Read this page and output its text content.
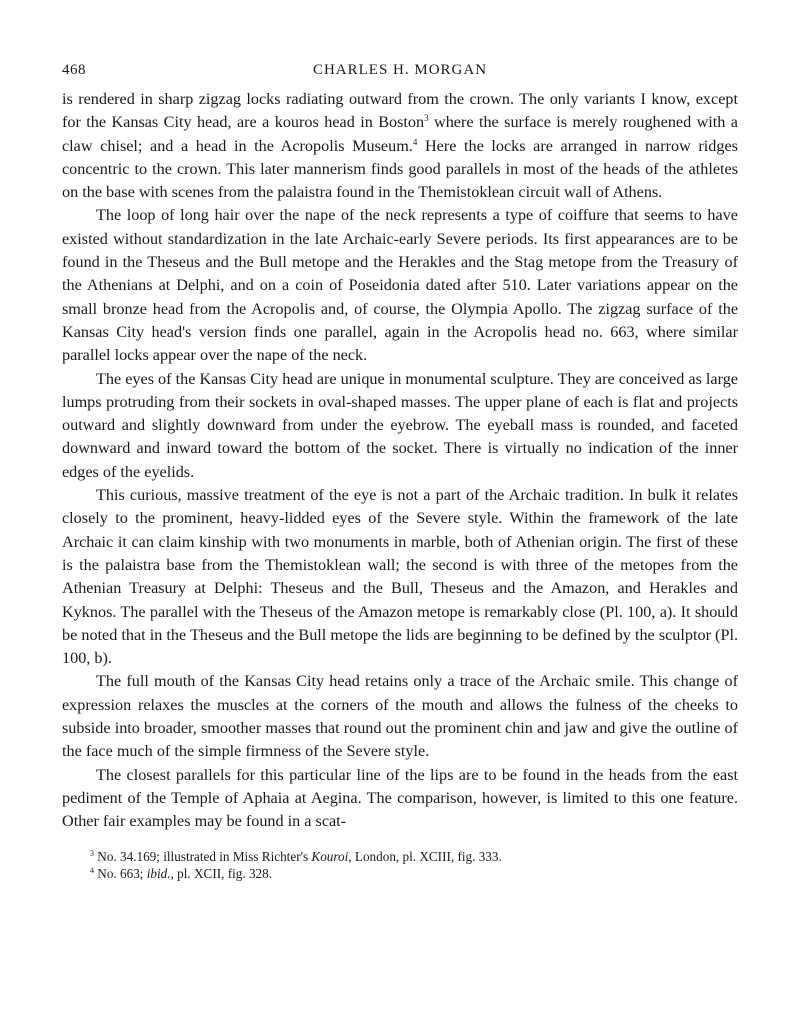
468	CHARLES H. MORGAN

is rendered in sharp zigzag locks radiating outward from the crown. The only variants I know, except for the Kansas City head, are a kouros head in Boston$^3$ where the surface is merely roughened with a claw chisel; and a head in the Acropolis Museum.$^4$ Here the locks are arranged in narrow ridges concentric to the crown. This later mannerism finds good parallels in most of the heads of the athletes on the base with scenes from the palaistra found in the Themistoklean circuit wall of Athens.

The loop of long hair over the nape of the neck represents a type of coiffure that seems to have existed without standardization in the late Archaic-early Severe periods. Its first appearances are to be found in the Theseus and the Bull metope and the Herakles and the Stag metope from the Treasury of the Athenians at Delphi, and on a coin of Poseidonia dated after 510. Later variations appear on the small bronze head from the Acropolis and, of course, the Olympia Apollo. The zigzag surface of the Kansas City head's version finds one parallel, again in the Acropolis head no. 663, where similar parallel locks appear over the nape of the neck.

The eyes of the Kansas City head are unique in monumental sculpture. They are conceived as large lumps protruding from their sockets in oval-shaped masses. The upper plane of each is flat and projects outward and slightly downward from under the eyebrow. The eyeball mass is rounded, and faceted downward and inward toward the bottom of the socket. There is virtually no indication of the inner edges of the eyelids.

This curious, massive treatment of the eye is not a part of the Archaic tradition. In bulk it relates closely to the prominent, heavy-lidded eyes of the Severe style. Within the framework of the late Archaic it can claim kinship with two monuments in marble, both of Athenian origin. The first of these is the palaistra base from the Themistoklean wall; the second is with three of the metopes from the Athenian Treasury at Delphi: Theseus and the Bull, Theseus and the Amazon, and Herakles and Kyknos. The parallel with the Theseus of the Amazon metope is remarkably close (Pl. 100, a). It should be noted that in the Theseus and the Bull metope the lids are beginning to be defined by the sculptor (Pl. 100, b).

The full mouth of the Kansas City head retains only a trace of the Archaic smile. This change of expression relaxes the muscles at the corners of the mouth and allows the fulness of the cheeks to subside into broader, smoother masses that round out the prominent chin and jaw and give the outline of the face much of the simple firmness of the Severe style.

The closest parallels for this particular line of the lips are to be found in the heads from the east pediment of the Temple of Aphaia at Aegina. The comparison, however, is limited to this one feature. Other fair examples may be found in a scat-

$^3$ No. 34.169; illustrated in Miss Richter's Kouroi, London, pl. XCIII, fig. 333.
$^4$ No. 663; ibid., pl. XCII, fig. 328.
